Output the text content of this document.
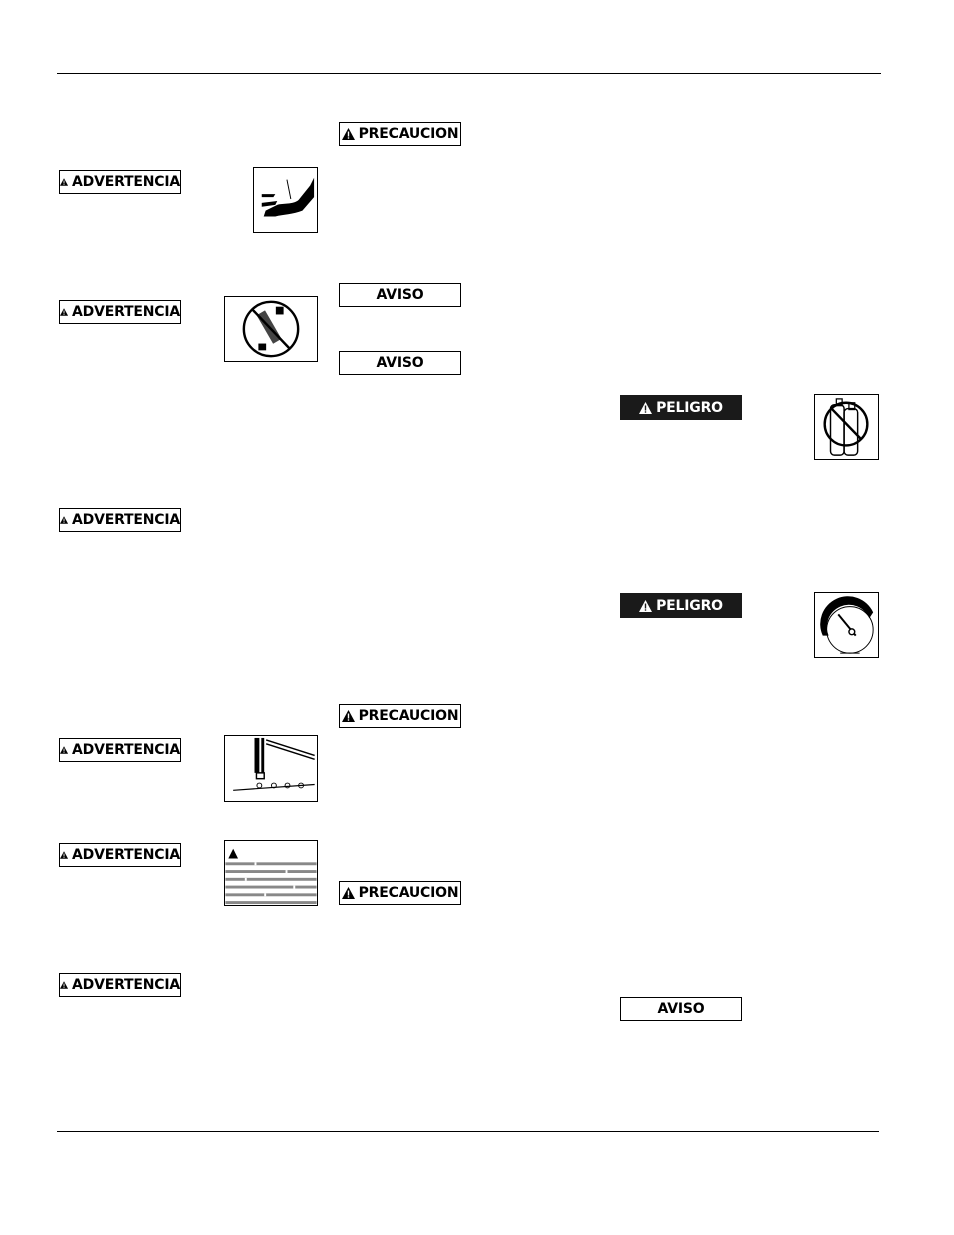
ADVERTENCIA
ADVERTENCIA
ADVERTENCIA
ADVERTENCIA
ADVERTENCIA
ADVERTENCIA
PRECAUCION
AVISO
AVISO
PRECAUCION
PRECAUCION
PELIGRO
PELIGRO
AVISO
